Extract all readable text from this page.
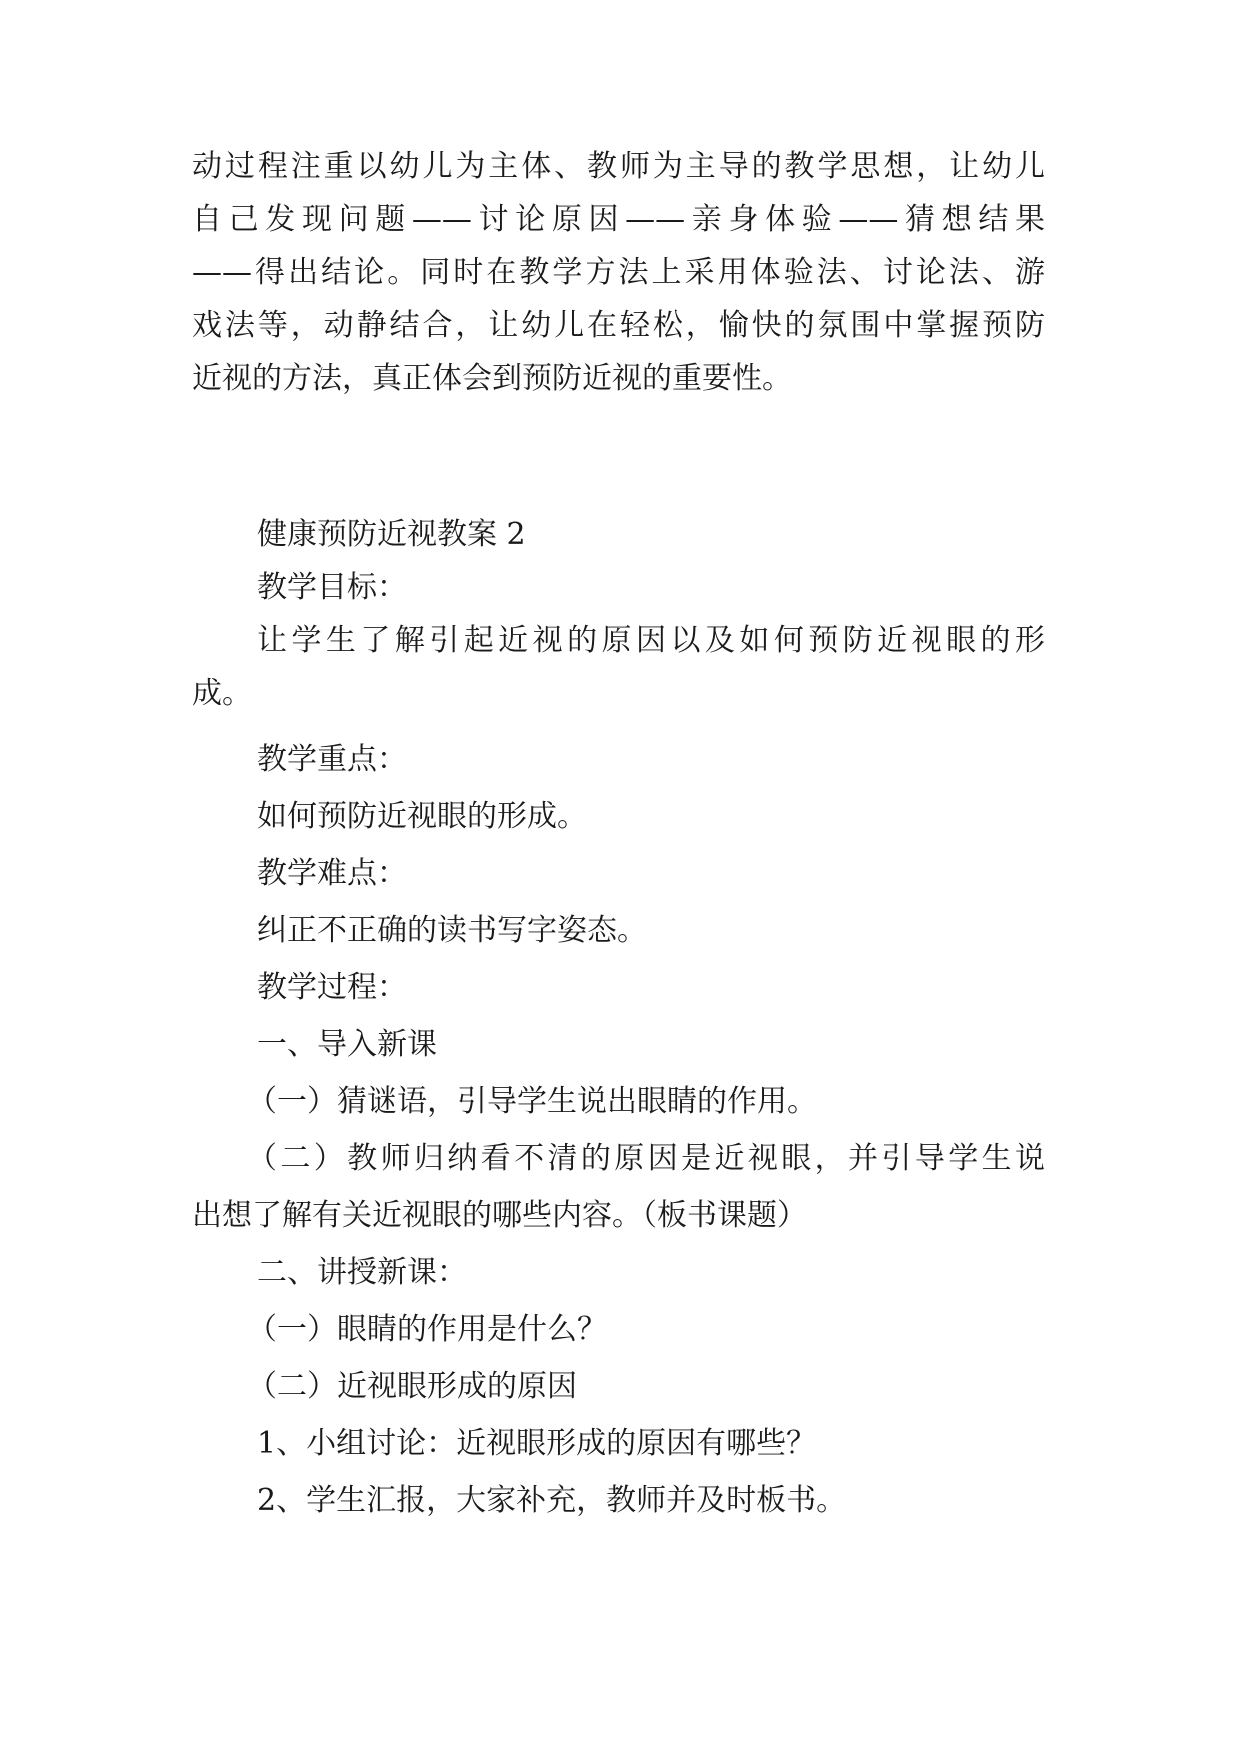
动过程注重以幼儿为主体、教师为主导的教学思想，让幼儿
自己发现问题——讨论原因——亲身体验——猜想结果
——得出结论。同时在教学方法上采用体验法、讨论法、游
戏法等，动静结合，让幼儿在轻松，愉快的氛围中掌握预防
近视的方法，真正体会到预防近视的重要性。
健康预防近视教案 2
教学目标：
让学生了解引起近视的原因以及如何预防近视眼的形
成。
教学重点：
如何预防近视眼的形成。
教学难点：
纠正不正确的读书写字姿态。
教学过程：
一、导入新课
（一）猜谜语，引导学生说出眼睛的作用。
（二）教师归纳看不清的原因是近视眼，并引导学生说
出想了解有关近视眼的哪些内容。（板书课题）
二、讲授新课：
（一）眼睛的作用是什么？
（二）近视眼形成的原因
1、小组讨论：近视眼形成的原因有哪些？
2、学生汇报，大家补充，教师并及时板书。
